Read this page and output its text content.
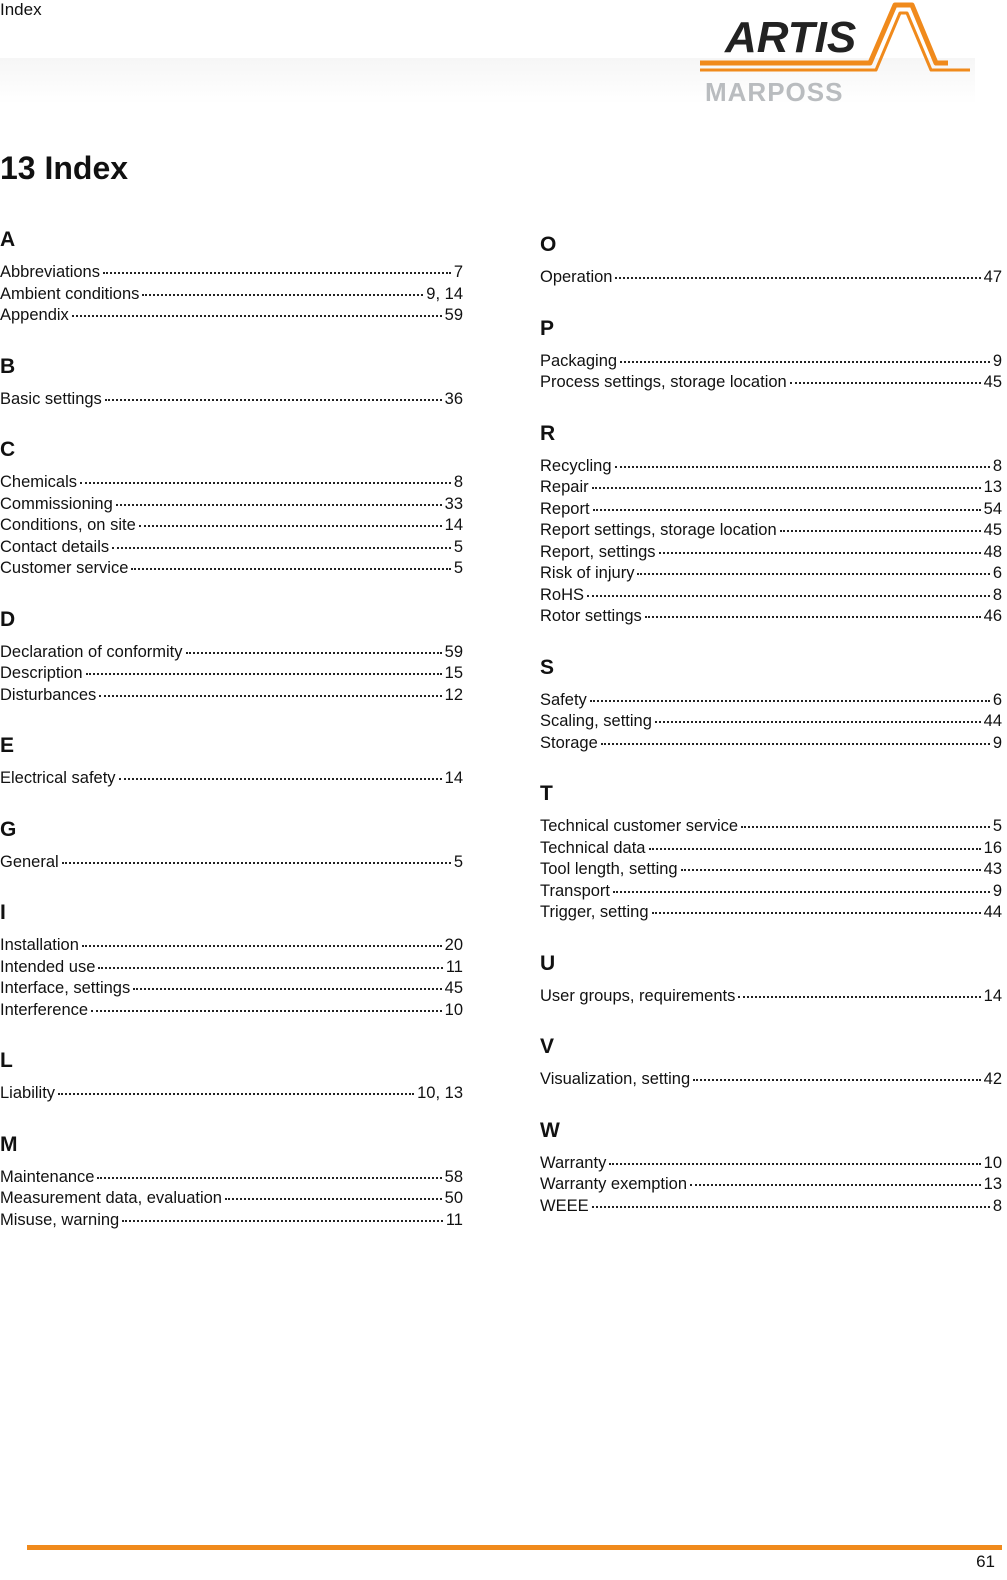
Index
ARTIS
MARPOSS
13 Index
A
Abbreviations	7
Ambient conditions	9, 14
Appendix	59
B
Basic settings	36
C
Chemicals	8
Commissioning	33
Conditions, on site	14
Contact details	5
Customer service	5
D
Declaration of conformity	59
Description	15
Disturbances	12
E
Electrical safety	14
G
General	5
I
Installation	20
Intended use	11
Interface, settings	45
Interference	10
L
Liability	10, 13
M
Maintenance	58
Measurement data, evaluation	50
Misuse, warning	11
O
Operation	47
P
Packaging	9
Process settings, storage location	45
R
Recycling	8
Repair	13
Report	54
Report settings, storage location	45
Report, settings	48
Risk of injury	6
RoHS	8
Rotor settings	46
S
Safety	6
Scaling, setting	44
Storage	9
T
Technical customer service	5
Technical data	16
Tool length, setting	43
Transport	9
Trigger, setting	44
U
User groups, requirements	14
V
Visualization, setting	42
W
Warranty	10
Warranty exemption	13
WEEE	8
61
